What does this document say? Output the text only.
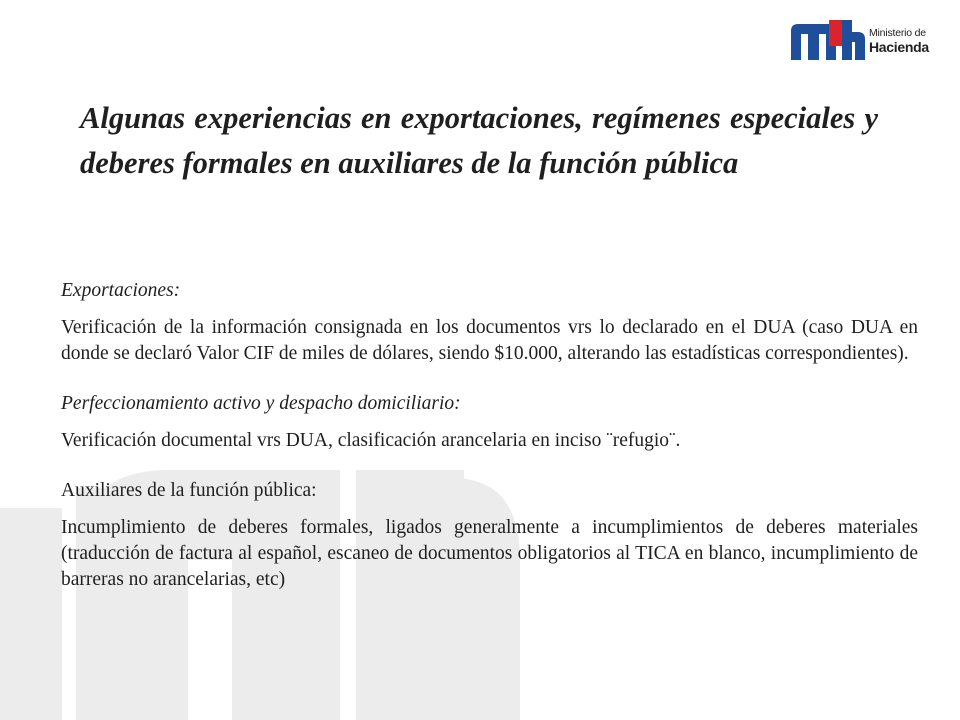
Ministerio de
Hacienda
Algunas experiencias en exportaciones, regímenes especiales y deberes formales en auxiliares de la función pública

Exportaciones:

Verificación de la información consignada en los documentos vrs lo declarado en el DUA (caso DUA en donde se declaró Valor CIF de miles de dólares, siendo $10.000, alterando las estadísticas correspondientes).

Perfeccionamiento activo y despacho domiciliario:

Verificación documental vrs DUA, clasificación arancelaria en inciso ¨refugio¨.

Auxiliares de la función pública:

Incumplimiento de deberes formales, ligados generalmente a incumplimientos de deberes materiales (traducción de factura al español, escaneo de documentos obligatorios al TICA en blanco, incumplimiento de barreras no arancelarias, etc)
